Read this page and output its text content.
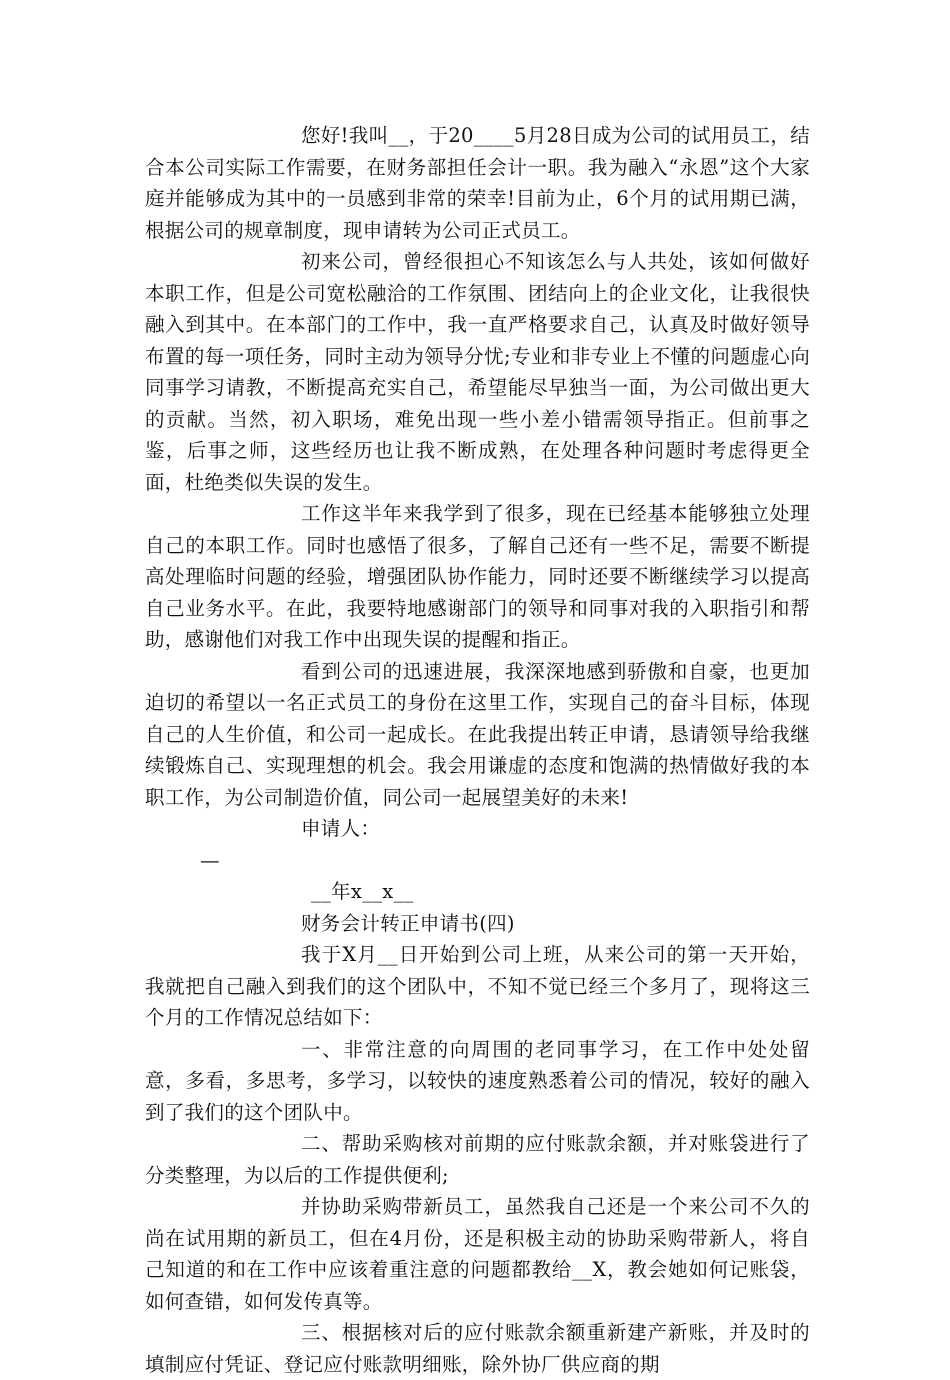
您好!我叫__，于20____5月28日成为公司的试用员工，结合本公司实际工作需要，在财务部担任会计一职。我为融入“永恩”这个大家庭并能够成为其中的一员感到非常的荣幸!目前为止，6个月的试用期已满，根据公司的规章制度，现申请转为公司正式员工。

初来公司，曾经很担心不知该怎么与人共处，该如何做好本职工作，但是公司宽松融洽的工作氛围、团结向上的企业文化，让我很快融入到其中。在本部门的工作中，我一直严格要求自己，认真及时做好领导布置的每一项任务，同时主动为领导分忧;专业和非专业上不懂的问题虚心向同事学习请教，不断提高充实自己，希望能尽早独当一面，为公司做出更大的贡献。当然，初入职场，难免出现一些小差小错需领导指正。但前事之鉴，后事之师，这些经历也让我不断成熟，在处理各种问题时考虑得更全面，杜绝类似失误的发生。

工作这半年来我学到了很多，现在已经基本能够独立处理自己的本职工作。同时也感悟了很多，了解自己还有一些不足，需要不断提高处理临时问题的经验，增强团队协作能力，同时还要不断继续学习以提高自己业务水平。在此，我要特地感谢部门的领导和同事对我的入职指引和帮助，感谢他们对我工作中出现失误的提醒和指正。

看到公司的迅速进展，我深深地感到骄傲和自豪，也更加迫切的希望以一名正式员工的身份在这里工作，实现自己的奋斗目标，体现自己的人生价值，和公司一起成长。在此我提出转正申请，恳请领导给我继续锻炼自己、实现理想的机会。我会用谦虚的态度和饱满的热情做好我的本职工作，为公司制造价值，同公司一起展望美好的未来!

申请人：

—

__年x__x__

财务会计转正申请书(四)

我于X月__日开始到公司上班，从来公司的第一天开始，我就把自己融入到我们的这个团队中，不知不觉已经三个多月了，现将这三个月的工作情况总结如下：

一、非常注意的向周围的老同事学习，在工作中处处留意，多看，多思考，多学习，以较快的速度熟悉着公司的情况，较好的融入到了我们的这个团队中。

二、帮助采购核对前期的应付账款余额，并对账袋进行了分类整理，为以后的工作提供便利;

并协助采购带新员工，虽然我自己还是一个来公司不久的尚在试用期的新员工，但在4月份，还是积极主动的协助采购带新人，将自己知道的和在工作中应该着重注意的问题都教给__X，教会她如何记账袋，如何查错，如何发传真等。

三、根据核对后的应付账款余额重新建产新账，并及时的填制应付凭证、登记应付账款明细账，除外协厂供应商的期
